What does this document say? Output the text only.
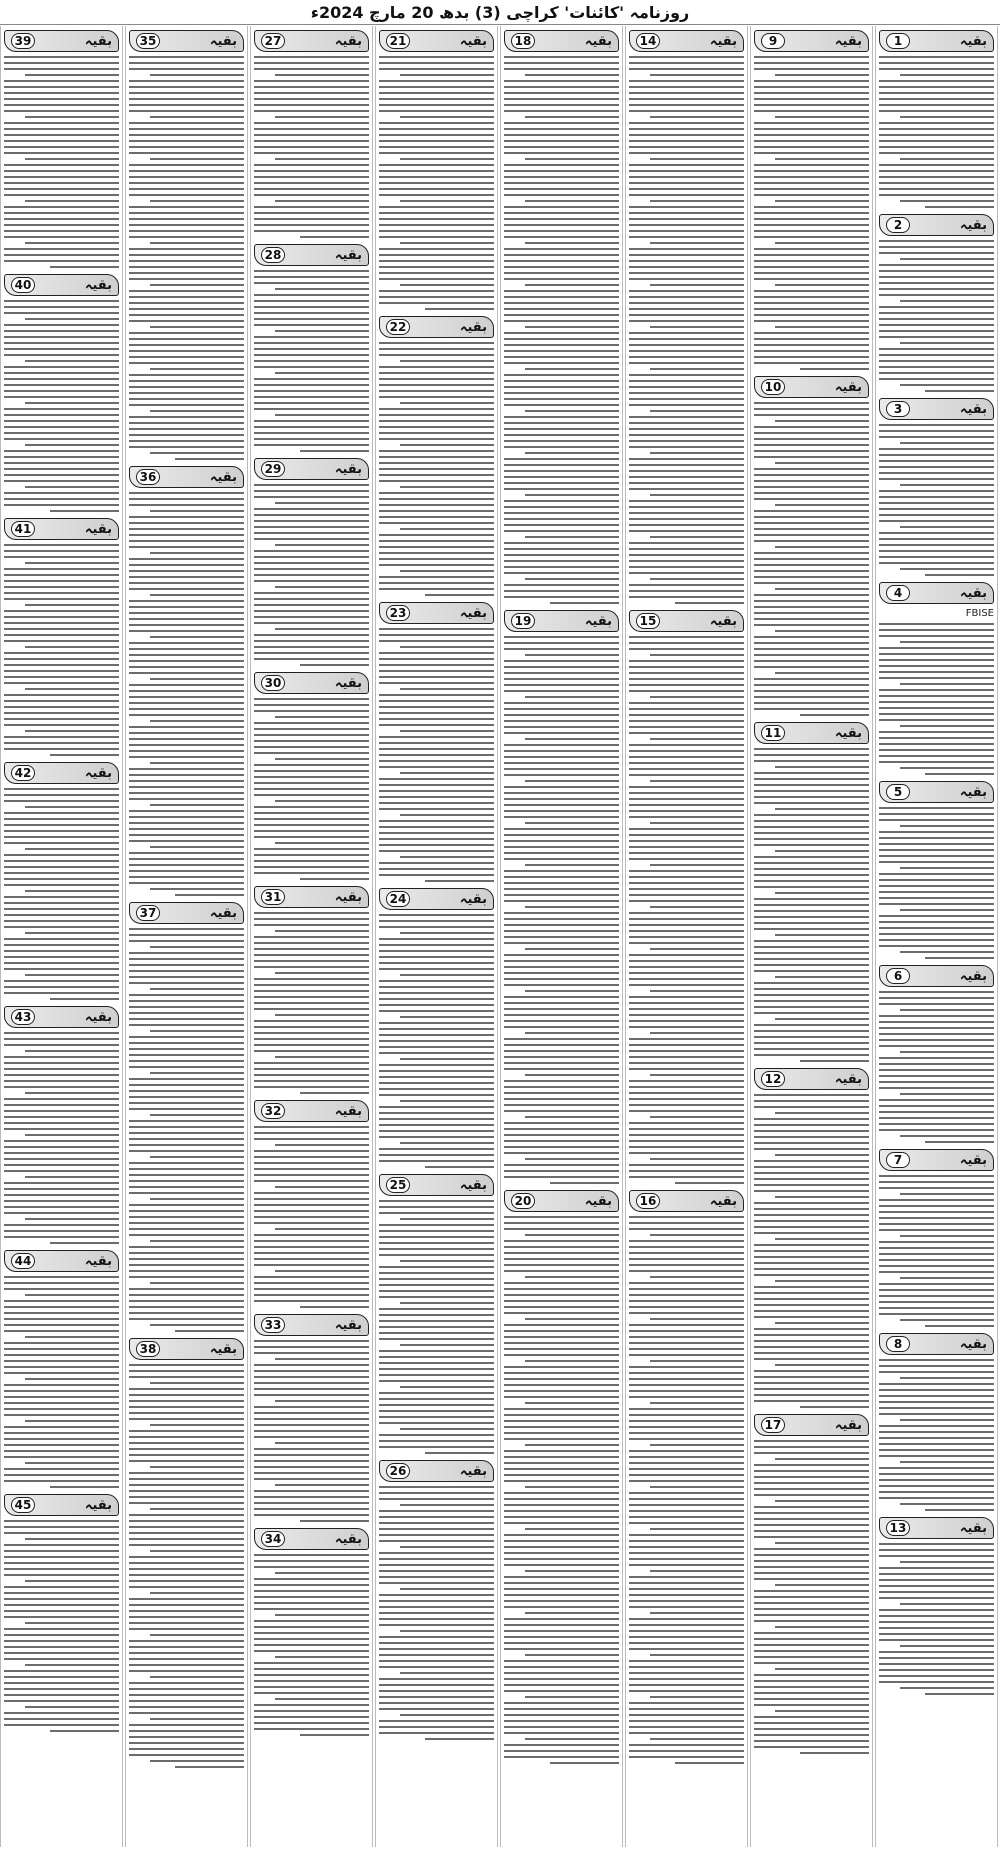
روزنامہ 'کائنات' کراچی (3) بدھ 20 مارچ 2024ء
1	بقیہ
2	بقیہ
3	بقیہ
4	بقیہ
FBISE
5	بقیہ
6	بقیہ
7	بقیہ
8	بقیہ
13	بقیہ
9	بقیہ
10	بقیہ
11	بقیہ
12	بقیہ
17	بقیہ
14	بقیہ
15	بقیہ
16	بقیہ
18	بقیہ
19	بقیہ
20	بقیہ
21	بقیہ
22	بقیہ
23	بقیہ
24	بقیہ
25	بقیہ
26	بقیہ
27	بقیہ
28	بقیہ
29	بقیہ
30	بقیہ
31	بقیہ
32	بقیہ
33	بقیہ
34	بقیہ
35	بقیہ
36	بقیہ
37	بقیہ
38	بقیہ
39	بقیہ
40	بقیہ
41	بقیہ
42	بقیہ
43	بقیہ
44	بقیہ
45	بقیہ
